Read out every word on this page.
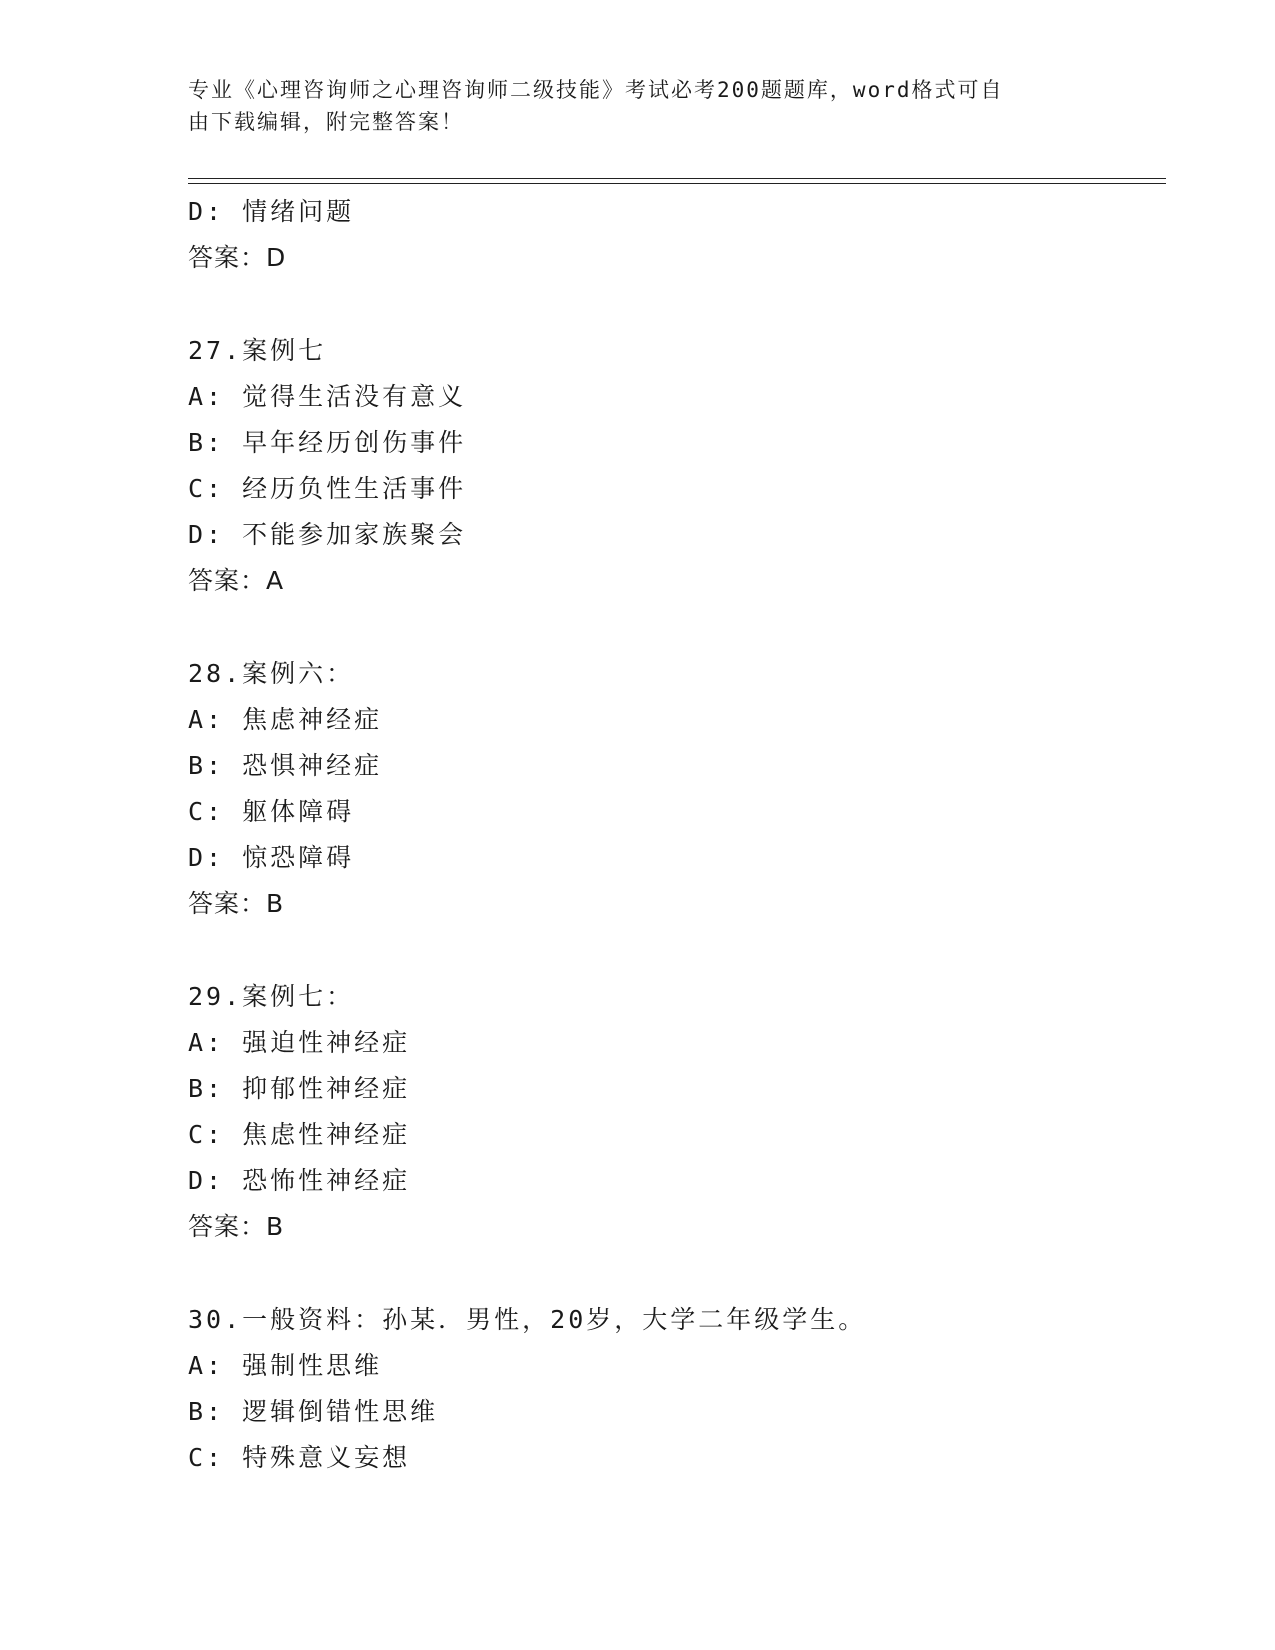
专业《心理咨询师之心理咨询师二级技能》考试必考200题题库，word格式可自
由下载编辑，附完整答案！
D: 情绪问题
答案：D
27.案例七
A: 觉得生活没有意义
B: 早年经历创伤事件
C: 经历负性生活事件
D: 不能参加家族聚会
答案：A
28.案例六：
A: 焦虑神经症
B: 恐惧神经症
C: 躯体障碍
D: 惊恐障碍
答案：B
29.案例七：
A: 强迫性神经症
B: 抑郁性神经症
C: 焦虑性神经症
D: 恐怖性神经症
答案：B
30.一般资料：孙某．男性，20岁，大学二年级学生。
A: 强制性思维
B: 逻辑倒错性思维
C: 特殊意义妄想
